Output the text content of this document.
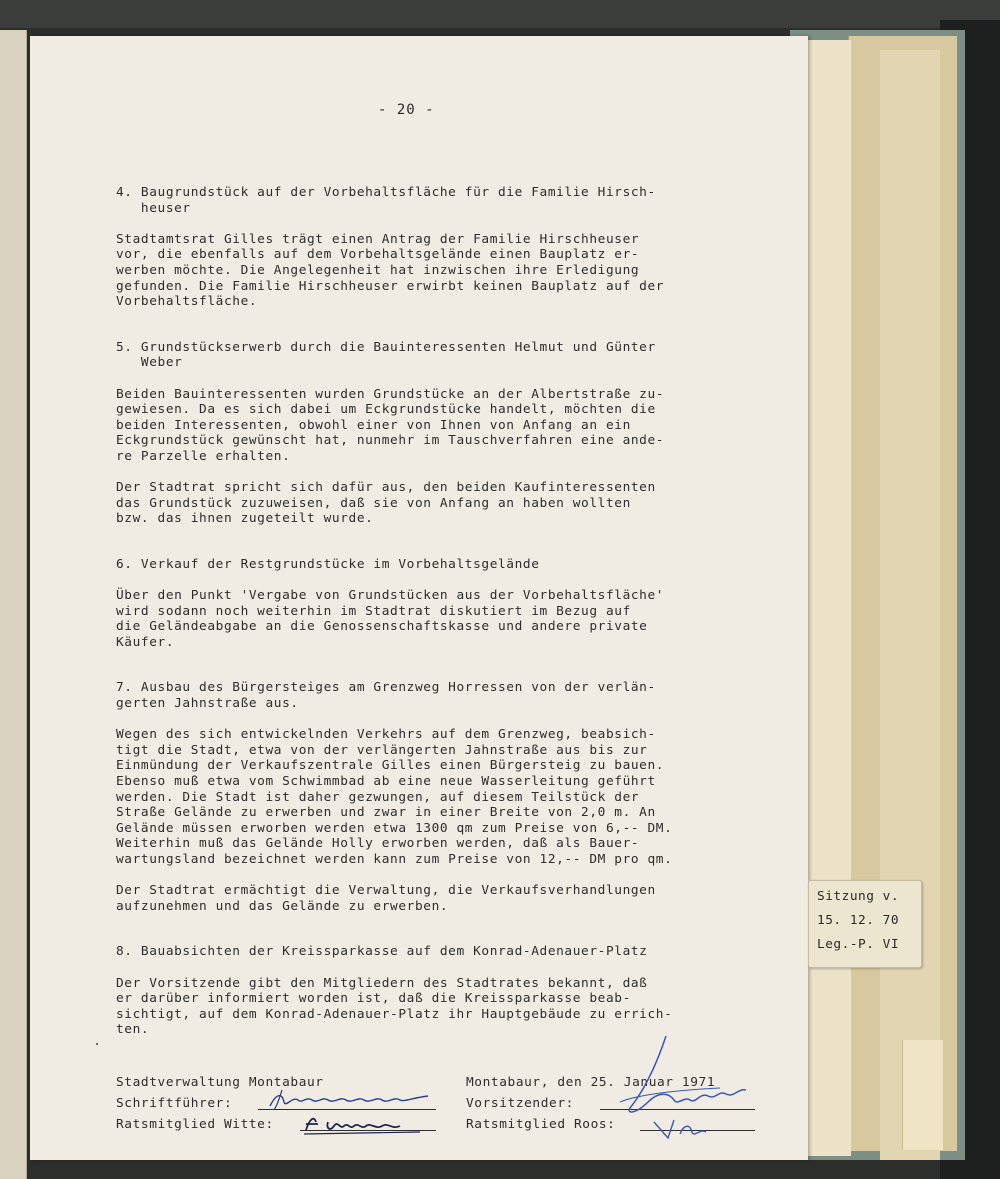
- 20 -

4. Baugrundstück auf der Vorbehaltsfläche für die Familie Hirsch-

heuser

Stadtamtsrat Gilles trägt einen Antrag der Familie Hirschheuser

vor, die ebenfalls auf dem Vorbehaltsgelände einen Bauplatz er-

werben möchte. Die Angelegenheit hat inzwischen ihre Erledigung

gefunden. Die Familie Hirschheuser erwirbt keinen Bauplatz auf der

Vorbehaltsfläche.

5. Grundstückserwerb durch die Bauinteressenten Helmut und Günter

Weber

Beiden Bauinteressenten wurden Grundstücke an der Albertstraße zu-

gewiesen. Da es sich dabei um Eckgrundstücke handelt, möchten die

beiden Interessenten, obwohl einer von Ihnen von Anfang an ein

Eckgrundstück gewünscht hat, nunmehr im Tauschverfahren eine ande-

re Parzelle erhalten.

Der Stadtrat spricht sich dafür aus, den beiden Kaufinteressenten

das Grundstück zuzuweisen, daß sie von Anfang an haben wollten

bzw. das ihnen zugeteilt wurde.

6. Verkauf der Restgrundstücke im Vorbehaltsgelände

Über den Punkt 'Vergabe von Grundstücken aus der Vorbehaltsfläche'

wird sodann noch weiterhin im Stadtrat diskutiert im Bezug auf

die Geländeabgabe an die Genossenschaftskasse und andere private

Käufer.

7. Ausbau des Bürgersteiges am Grenzweg Horressen von der verlän-

gerten Jahnstraße aus.

Wegen des sich entwickelnden Verkehrs auf dem Grenzweg, beabsich-

tigt die Stadt, etwa von der verlängerten Jahnstraße aus bis zur

Einmündung der Verkaufszentrale Gilles einen Bürgersteig zu bauen.

Ebenso muß etwa vom Schwimmbad ab eine neue Wasserleitung geführt

werden. Die Stadt ist daher gezwungen, auf diesem Teilstück der

Straße Gelände zu erwerben und zwar in einer Breite von 2,0 m. An

Gelände müssen erworben werden etwa 1300 qm zum Preise von 6,-- DM.

Weiterhin muß das Gelände Holly erworben werden, daß als Bauer-

wartungsland bezeichnet werden kann zum Preise von 12,-- DM pro qm.

Der Stadtrat ermächtigt die Verwaltung, die Verkaufsverhandlungen

aufzunehmen und das Gelände zu erwerben.

8. Bauabsichten der Kreissparkasse auf dem Konrad-Adenauer-Platz

Der Vorsitzende gibt den Mitgliedern des Stadtrates bekannt, daß

er darüber informiert worden ist, daß die Kreissparkasse beab-

sichtigt, auf dem Konrad-Adenauer-Platz ihr Hauptgebäude zu errich-

ten.

Stadtverwaltung Montabaur
Schriftführer:
Ratsmitglied Witte:
Montabaur, den 25. Januar 1971
Vorsitzender:
Ratsmitglied Roos:
Sitzung v.
15. 12. 70
Leg.-P. VI
